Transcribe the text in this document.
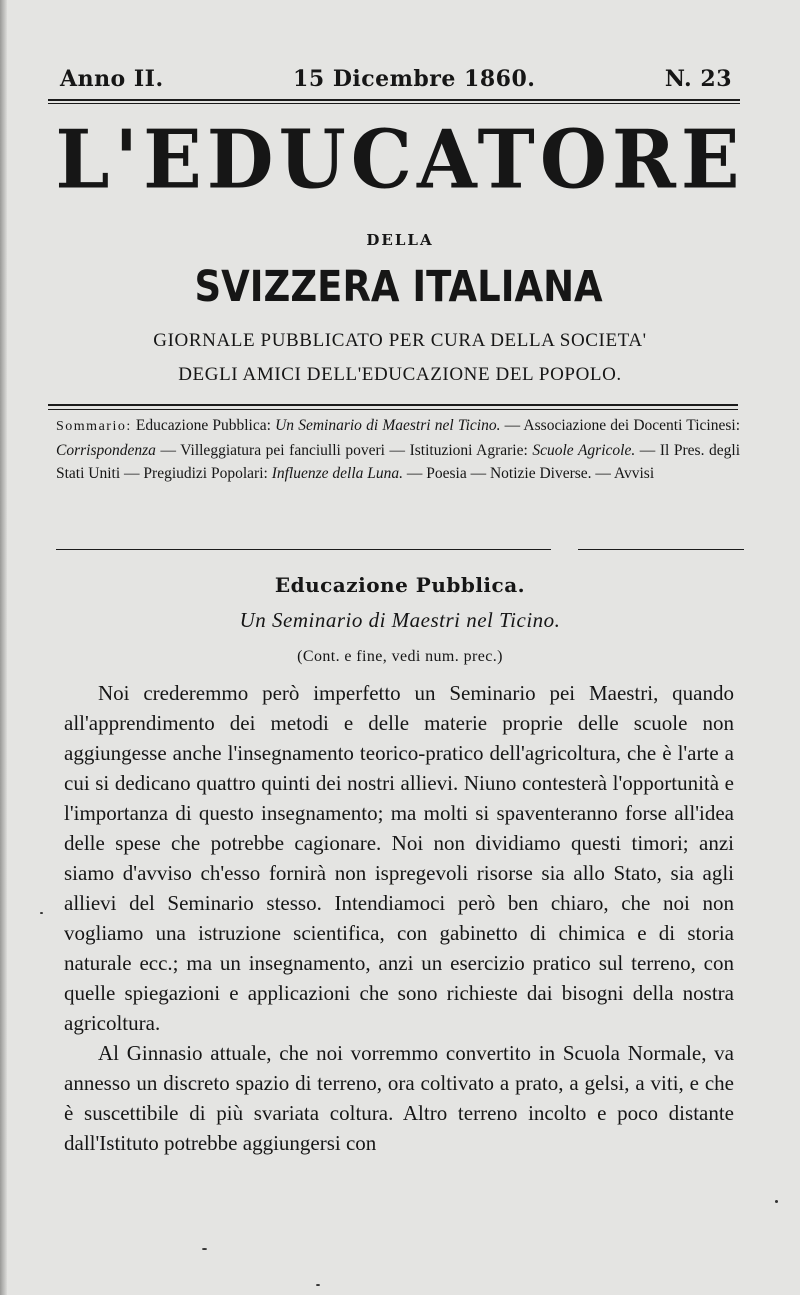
Anno II.	15 Dicembre 1860.	N. 23
L'EDUCATORE
DELLA
SVIZZERA ITALIANA
GIORNALE PUBBLICATO PER CURA DELLA SOCIETA'
DEGLI AMICI DELL'EDUCAZIONE DEL POPOLO.
Sommario: Educazione Pubblica: Un Seminario di Maestri nel Ticino. — Associazione dei Docenti Ticinesi: Corrispondenza — Villeggiatura pei fanciulli poveri — Istituzioni Agrarie: Scuole Agricole. — Il Pres. degli Stati Uniti — Pregiudizi Popolari: Influenze della Luna. — Poesia — Notizie Diverse. — Avvisi
Educazione Pubblica.
Un Seminario di Maestri nel Ticino.
(Cont. e fine, vedi num. prec.)

Noi crederemmo però imperfetto un Seminario pei Maestri, quando all'apprendimento dei metodi e delle materie proprie delle scuole non aggiungesse anche l'insegnamento teorico-pratico dell'agricoltura, che è l'arte a cui si dedicano quattro quinti dei nostri allievi. Niuno contesterà l'opportunità e l'importanza di questo insegnamento; ma molti si spaventeranno forse all'idea delle spese che potrebbe cagionare. Noi non dividiamo questi timori; anzi siamo d'avviso ch'esso fornirà non ispregevoli risorse sia allo Stato, sia agli allievi del Seminario stesso. Intendiamoci però ben chiaro, che noi non vogliamo una istruzione scientifica, con gabinetto di chimica e di storia naturale ecc.; ma un insegnamento, anzi un esercizio pratico sul terreno, con quelle spiegazioni e applicazioni che sono richieste dai bisogni della nostra agricoltura.

Al Ginnasio attuale, che noi vorremmo convertito in Scuola Normale, va annesso un discreto spazio di terreno, ora coltivato a prato, a gelsi, a viti, e che è suscettibile di più svariata coltura. Altro terreno incolto e poco distante dall'Istituto potrebbe aggiungersi con
